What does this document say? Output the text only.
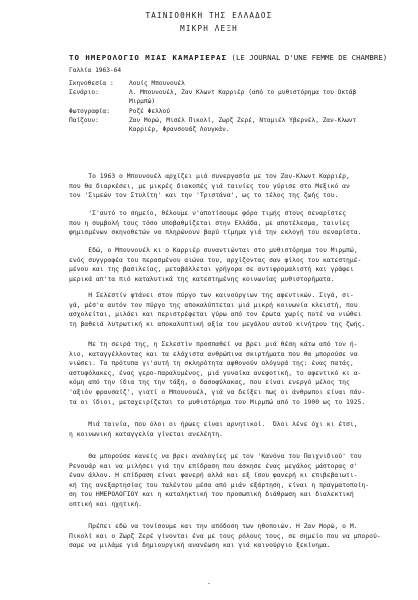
ΤΑΙΝΙΟΘΗΚΗ ΤΗΣ ΕΛΛΑΔΟΣ
ΜΙΚΡΗ ΛΕΞΗ
ΤΟ ΗΜΕΡΟΛΟΓΙΟ ΜΙΑΣ ΚΑΜΑΡΙΕΡΑΣ (LE JOURNAL D'UNE FEMME DE CHAMBRE)
Γαλλία 1963-64
Σκηνοθεσία :	Λουίς Μπουνουέλ
Σενάριο:	Λ. Μπουνουέλ, Ζαν Κλωντ Καρριέρ (από το μυθιστόρημα του Οκτάβ
Μιρμπώ)
Φωτογραφία:	Ροζέ Φελλού
Παίζουν:	Ζαν Μορώ, Μισέλ Πικολί, Ζωρζ Ζερέ, Νταμιέλ Υβερνέλ, Ζαν-Κλωντ
Καρριέρ, Φρανσουάζ Λουγκάν.
Το 1963 ο Μπουνουέλ αρχίζει μιά συνεργασία με τον Ζαν-Κλωντ Καρριέρ,
που θα διαρκέσει, με μικρές διακοπές γιά ταινίες του γύρισε στο Μεξικό αν
τον 'Σιμεών τον Στυλίτη' και την 'Τριστάνα', ως το τέλος της ζωής του.
'Σ'αυτό το σημείο, θέλουμε ν'αποτίσουμε φόρο τιμής στους σεναρίστες
που η συμβολή τους τόσο υποβαθμίζεται στην Ελλάδα, με αποτέλεσμα, ταινίες
φημισμένων σκηνοθετών να πληρώνουν βαρύ τίμημα γιά την εκλογή του σεναρίστα.
Εδώ, ο Μπουνουέλ κι ο Καρριέρ συναντιώνται στο μυθιστόρημα του Μιρμπώ,
ενός συγγραφέα του περασμένου αιώνα του, αρχίζοντας σαν φίλος του κατεστημέ-
μένου και της βασιλείας, μεταβάλλεται γρήγορα σε αντιφρομαλιστή και γράφει
μερικά απ'τα πιό καταλυτικά της κατεστημένης κοινωνίας μυθιστορήματα.
Η Σελεστίν φτάνει στον πύργο των καινούργιων της αφεντικών. Σιγά, σι-
γά, μέσ'α αυτόν τον πύργο της αποκαλύπτεται μιά μικρή κοινωνία κλειστή, που
ασχολείται, μιλάει και περιστρέφεται γύρω από τον έρωτα χωρίς ποτέ να νιώθει
τη βαθειά λυτρωτική κι αποκαλυπτική αξία του μεγάλου αυτού κινήτρου της ζωής.
Με τη σειρά της, η Σελεστίν προσπαθεί να βρει μιά θέση κάτω από τον ή-
λιο, καταγγέλλοντας και τα ελάχιστα ανθρώπινα σκιρτήματα που θα μπορούσε να
νιώσει. Τα πρότυπα γι'αυτή τη σκληρότητα αφθονούν ολόγυρά της: ένας πατάς,
αστυφόλακες, ένας γερο-παραλυμένος, μιά γυναίκα ανεφοτική, το αφεντικό κι α-
κόμη από την ίδια της την τάξη, ο δασοφύλακας, που είναι ενεργό μέλος της
'αξιόν φρανσαίζ', γιατί ο Μπουνουέλ, γιά να δείξει πως οι άνθρωποι είναι πάν-
τα οι ίδιοι, μεταχειρίζεται το μυθιστόρημα του Μιρμπώ από το 1900 ως το 1925.
Μιά ταινία, που όλοι οι ήρωες είναι αρνητικοί.  Όλοι λένε όχι κι έτσι,
η κοινωνική καταγγελία γίνεται ανελέητη.
Θα μπορούσε κανείς να βρει αναλογίες με τον 'Κανόνα του Παιχνιδιού' του
Ρενουάρ και να μιλήσει γιά την επίδραση που άσκησε ένας μεγάλος μάστορας σ'
έναν άλλον. Η επίδραση είναι φανερή αλλά και εξ ίσου φανερή κι επιβεβαιωτι-
κή της ανεξαρτησίας του ταλέντου μέσα από μιάν εξάρτηση, είναι η πραγματοποίη-
ση του ΗΜΕΡΟΛΟΓΙΟΥ και η καταληκτική του προσωπική διάθρωση και διαλεκτική
οπτική και ηχητική.
Πρέπει εδώ να τονίσουμε και την απόδοση των ηθοποιών. Η Ζαν Μορώ, ο Μ.
Πικολί και ο Ζωρζ Ζερέ γίνονται ένα με τους ρόλους τους, σε σημείο που να μπορού-
σαμε να μιλάμε γιά δημιουργική ανανέωση και γιά καινούργιο ξεκίνημα.
-
